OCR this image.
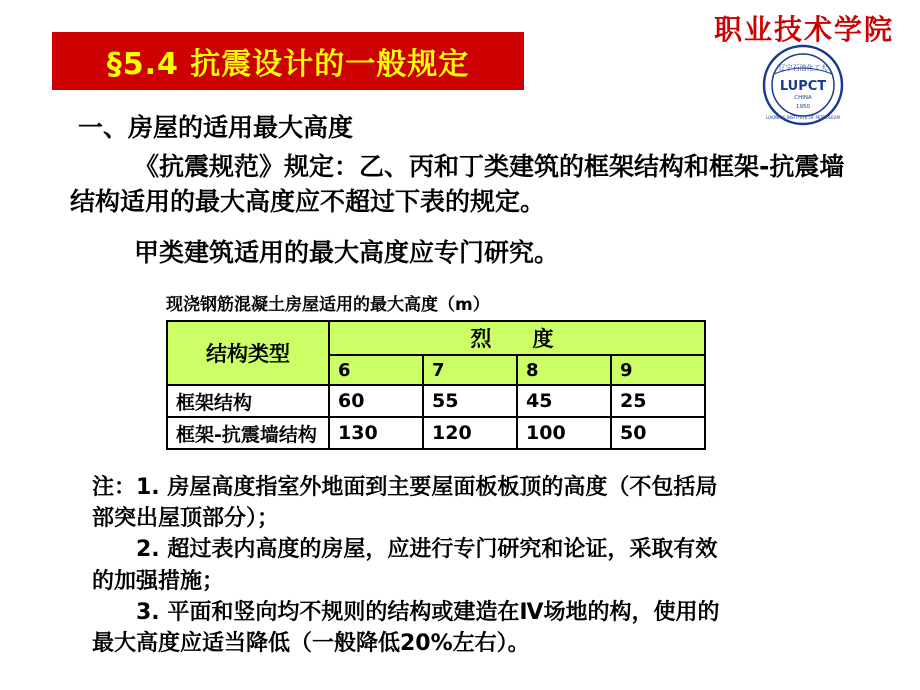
§5.4 抗震设计的一般规定
职业技术学院
辽宁石油化工大
LUPCT
CHINA
1950
LIAONING INSTITUTE OF PETROLEUM
一、房屋的适用最大高度
《抗震规范》规定：乙、丙和丁类建筑的框架结构和框架-抗震墙结构适用的最大高度应不超过下表的规定。
甲类建筑适用的最大高度应专门研究。
现浇钢筋混凝土房屋适用的最大高度（m）
结构类型	烈　度			
	6	7	8	9
框架结构	60	55	45	25
框架-抗震墙结构	130	120	100	50

注：1. 房屋高度指室外地面到主要屋面板板顶的高度（不包括局

部突出屋顶部分）；

2. 超过表内高度的房屋，应进行专门研究和论证，采取有效

的加强措施；

3. 平面和竖向均不规则的结构或建造在Ⅳ场地的构，使用的

最大高度应适当降低（一般降低20%左右）。
